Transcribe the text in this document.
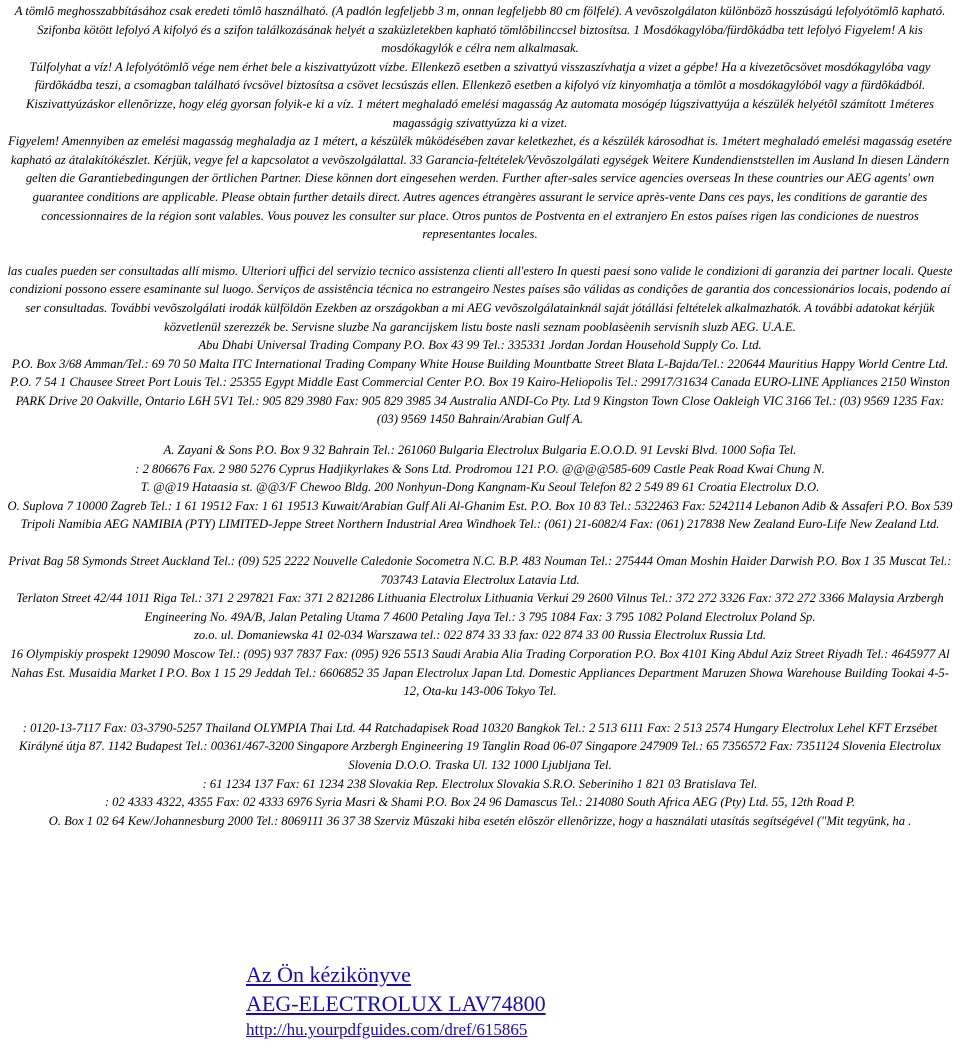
A tömlõ meghosszabbításához csak eredeti tömlõ használható. (A padlón legfeljebb 3 m, onnan legfeljebb 80 cm fölfelé). A vevõszolgálaton különbözõ hosszúságú lefolyótömlõ kapható. Szifonba kötött lefolyó A kifolyó és a szifon találkozásának helyét a szaküzletekben kapható tömlõbilinccsel biztosítsa. 1 Mosdókagylóba/fürdõkádba tett lefolyó Figyelem! A kis mosdókagylók e célra nem alkalmasak.

Túlfolyhat a víz! A lefolyótömlõ vége nem érhet bele a kiszivattyúzott vízbe. Ellenkezõ esetben a szivattyú visszaszívhatja a vizet a gépbe! Ha a kivezetõcsövet mosdókagylóba vagy fürdõkádba teszi, a csomagban található ívcsövel biztosítsa a csövet lecsúszás ellen. Ellenkezõ esetben a kifolyó víz kinyomhatja a tömlõt a mosdókagylóból vagy a fürdõkádból. Kiszivattyúzáskor ellenõrizze, hogy elég gyorsan folyik-e ki a víz. 1 métert meghaladó emelési magasság Az automata mosógép lúgszivattyúja a készülék helyétõl számított 1méteres magasságig szivattyúzza ki a vizet.

Figyelem! Amennyiben az emelési magasság meghaladja az 1 métert, a készülék mûködésében zavar keletkezhet, és a készülék károsodhat is. 1métert meghaladó emelési magasság esetére kapható az átalakítókészlet. Kérjük, vegye fel a kapcsolatot a vevõszolgálattal. 33 Garancia-feltételek/Vevõszolgálati egységek Weitere Kundendienststellen im Ausland In diesen Ländern gelten die Garantiebedingungen der örtlichen Partner. Diese können dort eingesehen werden. Further after-sales service agencies overseas In these countries our AEG agents' own guarantee conditions are applicable. Please obtain further details direct. Autres agences étrangères assurant le service après-vente Dans ces pays, les conditions de garantie des concessionnaires de la région sont valables. Vous pouvez les consulter sur place. Otros puntos de Postventa en el extranjero En estos países rigen las condiciones de nuestros representantes locales.

las cuales pueden ser consultadas allí mismo. Ulteriori uffici del servizio tecnico assistenza clienti all'estero In questi paesi sono valide le condizioni di garanzia dei partner locali. Queste condizioni possono essere esaminante sul luogo. Serviços de assistência técnica no estrangeiro Nestes países são válidas as condições de garantia dos concessionários locais, podendo aí ser consultadas. További vevõszolgálati irodák külföldön Ezekben az országokban a mi AEG vevõszolgálatainknál saját jótállási feltételek alkalmazhatók. A további adatokat kérjük közvetlenül szerezzék be. Servisne sluzbe Na garancijskem listu boste nasli seznam pooblasèenih servisnih sluzb AEG. U.A.E.

Abu Dhabi Universal Trading Company P.O. Box 43 99 Tel.: 335331 Jordan Jordan Household Supply Co. Ltd.

P.O. Box 3/68 Amman/Tel.: 69 70 50 Malta ITC International Trading Company White House Building Mountbatte Street Blata L-Bajda/Tel.: 220644 Mauritius Happy World Centre Ltd.

P.O. 7 54 1 Chausee Street Port Louis Tel.: 25355 Egypt Middle East Commercial Center P.O. Box 19 Kairo-Heliopolis Tel.: 29917/31634 Canada EURO-LINE Appliances 2150 Winston PARK Drive 20 Oakville, Ontario L6H 5V1 Tel.: 905 829 3980 Fax: 905 829 3985 34 Australia ANDI-Co Pty. Ltd 9 Kingston Town Close Oakleigh VIC 3166 Tel.: (03) 9569 1235 Fax: (03) 9569 1450 Bahrain/Arabian Gulf A.

A. Zayani & Sons P.O. Box 9 32 Bahrain Tel.: 261060 Bulgaria Electrolux Bulgaria E.O.O.D. 91 Levski Blvd. 1000 Sofia Tel.

: 2 806676 Fax. 2 980 5276 Cyprus Hadjikyrlakes & Sons Ltd. Prodromou 121 P.O. @@@@585-609 Castle Peak Road Kwai Chung N.

T. @@19 Hataasia st. @@3/F Chewoo Bldg. 200 Nonhyun-Dong Kangnam-Ku Seoul Telefon 82 2 549 89 61 Croatia Electrolux D.O.

O. Suplova 7 10000 Zagreb Tel.: 1 61 19512 Fax: 1 61 19513 Kuwait/Arabian Gulf Ali Al-Ghanim Est. P.O. Box 10 83 Tel.: 5322463 Fax: 5242114 Lebanon Adib & Assaferi P.O. Box 539 Tripoli Namibia AEG NAMIBIA (PTY) LIMITED-Jeppe Street Northern Industrial Area Windhoek Tel.: (061) 21-6082/4 Fax: (061) 217838 New Zealand Euro-Life New Zealand Ltd.

Privat Bag 58 Symonds Street Auckland Tel.: (09) 525 2222 Nouvelle Caledonie Socometra N.C. B.P. 483 Nouman Tel.: 275444 Oman Moshin Haider Darwish P.O. Box 1 35 Muscat Tel.: 703743 Latavia Electrolux Latavia Ltd.

Terlaton Street 42/44 1011 Riga Tel.: 371 2 297821 Fax: 371 2 821286 Lithuania Electrolux Lithuania Verkui 29 2600 Vilnus Tel.: 372 272 3326 Fax: 372 272 3366 Malaysia Arzbergh Engineering No. 49A/B, Jalan Petaling Utama 7 4600 Petaling Jaya Tel.: 3 795 1084 Fax: 3 795 1082 Poland Electrolux Poland Sp.

zo.o. ul. Domaniewska 41 02-034 Warszawa tel.: 022 874 33 33 fax: 022 874 33 00 Russia Electrolux Russia Ltd.

16 Olympiskiy prospekt 129090 Moscow Tel.: (095) 937 7837 Fax: (095) 926 5513 Saudi Arabia Alia Trading Corporation P.O. Box 4101 King Abdul Aziz Street Riyadh Tel.: 4645977 Al Nahas Est. Musaidia Market I P.O. Box 1 15 29 Jeddah Tel.: 6606852 35 Japan Electrolux Japan Ltd. Domestic Appliances Department Maruzen Showa Warehouse Building Tookai 4-5-12, Ota-ku 143-006 Tokyo Tel.

: 0120-13-7117 Fax: 03-3790-5257 Thailand OLYMPIA Thai Ltd. 44 Ratchadapisek Road 10320 Bangkok Tel.: 2 513 6111 Fax: 2 513 2574 Hungary Electrolux Lehel KFT Erzsébet Királyné útja 87. 1142 Budapest Tel.: 00361/467-3200 Singapore Arzbergh Engineering 19 Tanglin Road 06-07 Singapore 247909 Tel.: 65 7356572 Fax: 7351124 Slovenia Electrolux Slovenia D.O.O. Traska Ul. 132 1000 Ljubljana Tel.

: 61 1234 137 Fax: 61 1234 238 Slovakia Rep. Electrolux Slovakia S.R.O. Seberiniho 1 821 03 Bratislava Tel.

: 02 4333 4322, 4355 Fax: 02 4333 6976 Syria Masri & Shami P.O. Box 24 96 Damascus Tel.: 214080 South Africa AEG (Pty) Ltd. 55, 12th Road P.

O. Box 1 02 64 Kew/Johannesburg 2000 Tel.: 8069111 36 37 38 Szerviz Mûszaki hiba esetén elõször ellenõrizze, hogy a használati utasítás segítségével ("Mit tegyünk, ha .

Az Ön kézikönyve
AEG-ELECTROLUX LAV74800
http://hu.yourpdfguides.com/dref/615865
